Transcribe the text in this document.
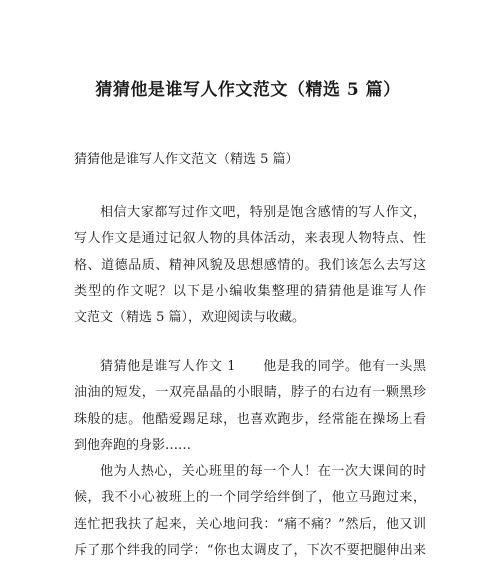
猜猜他是谁写人作文范文（精选 5 篇）

猜猜他是谁写人作文范文（精选 5 篇）

相信大家都写过作文吧，特别是饱含感情的写人作文，
写人作文是通过记叙人物的具体活动，来表现人物特点、性
格、道德品质、精神风貌及思想感情的。我们该怎么去写这
类型的作文呢？以下是小编收集整理的猜猜他是谁写人作
文范文（精选 5 篇），欢迎阅读与收藏。
猜猜他是谁写人作文 1　　他是我的同学。他有一头黑
油油的短发，一双亮晶晶的小眼睛，脖子的右边有一颗黑珍
珠般的痣。他酷爱踢足球，也喜欢跑步，经常能在操场上看
到他奔跑的身影……
他为人热心，关心班里的每一个人！在一次大课间的时
候，我不小心被班上的一个同学给绊倒了，他立马跑过来，
连忙把我扶了起来，关心地问我：“痛不痛？”然后，他又训
斥了那个绊我的同学：“你也太调皮了，下次不要把腿伸出来
